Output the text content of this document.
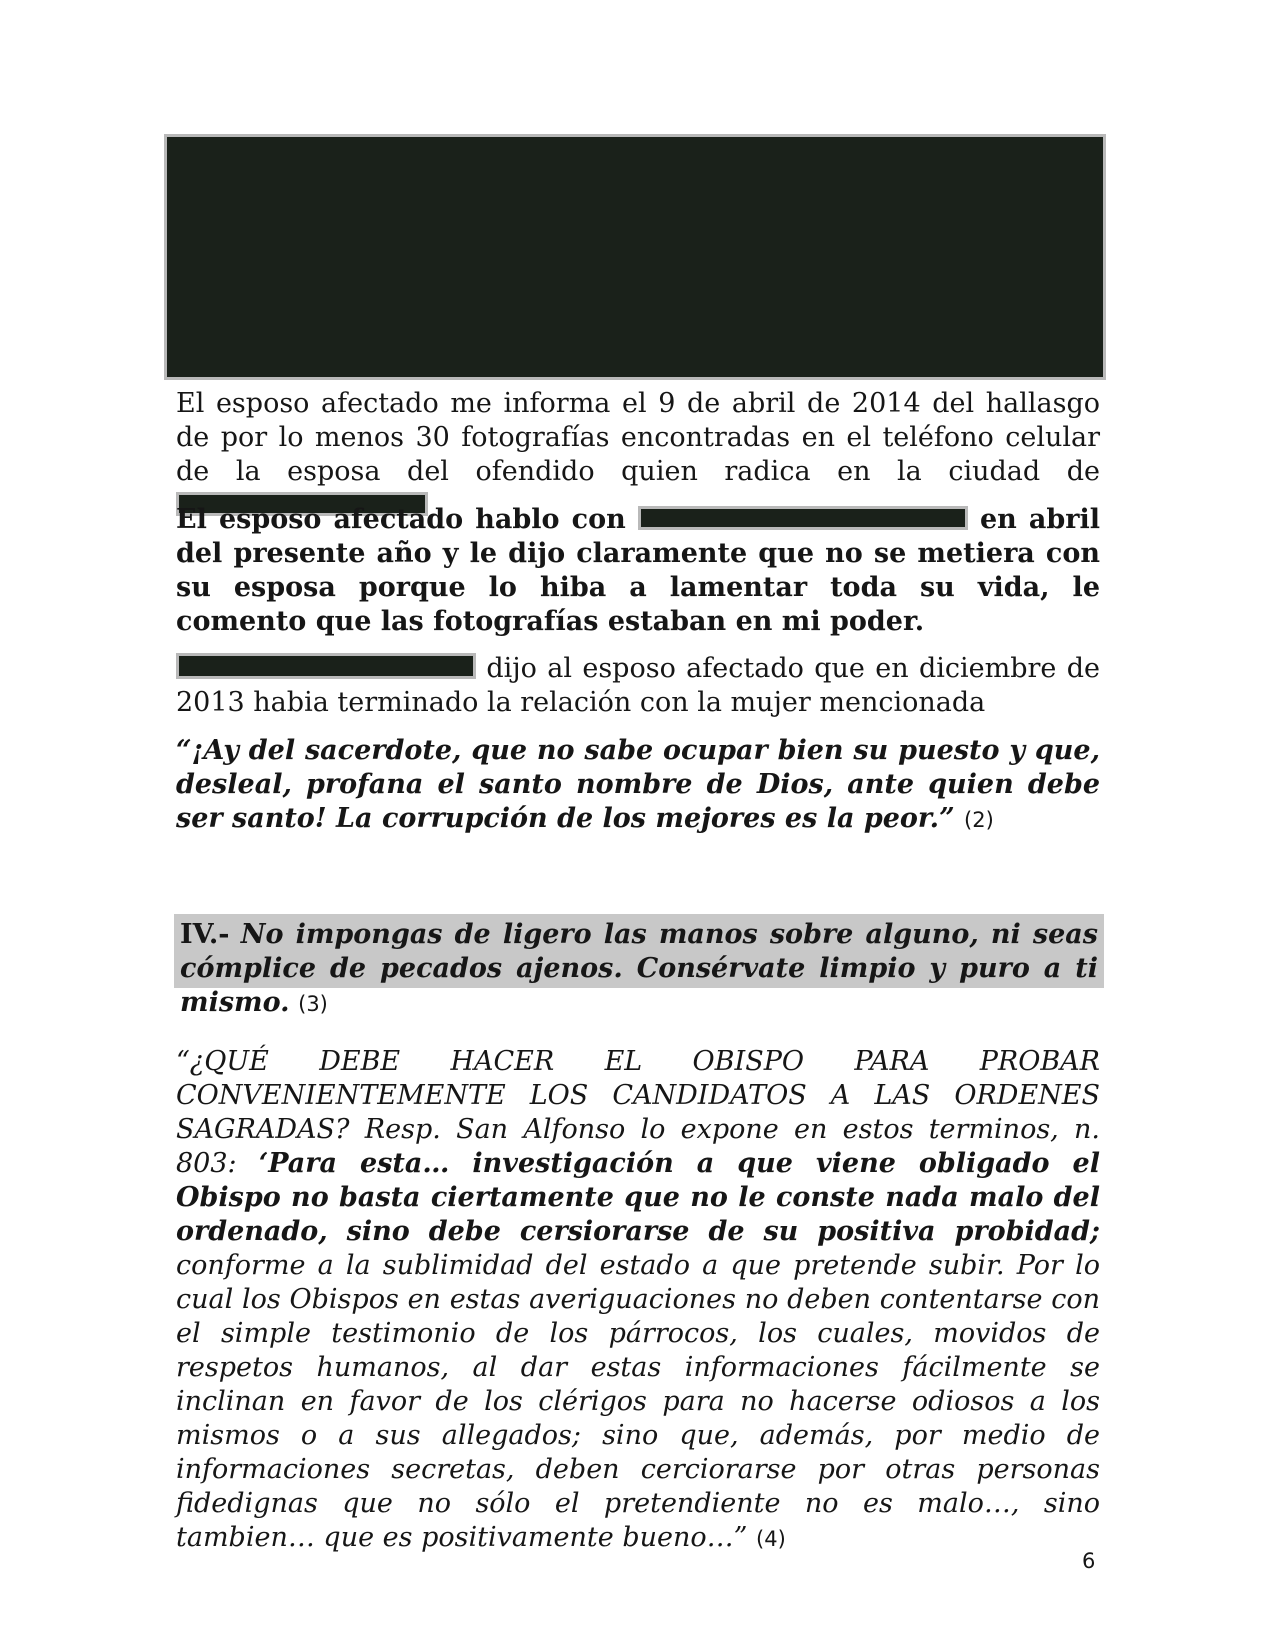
El esposo afectado me informa el 9 de abril de 2014 del hallasgo de por lo menos 30 fotografías encontradas en el teléfono celular de la esposa del ofendido quien radica en la ciudad de

El esposo afectado hablo con	en abril del presente año y le dijo claramente que no se metiera con su esposa porque lo hiba a lamentar toda su vida, le comento que las fotografías estaban en mi poder.

dijo al esposo afectado que en diciembre de 2013 habia terminado la relación con la mujer mencionada

“¡Ay del sacerdote, que no sabe ocupar bien su puesto y que, desleal, profana el santo nombre de Dios, ante quien debe ser santo! La corrupción de los mejores es la peor.” (2)

IV.- No impongas de ligero las manos sobre alguno, ni seas cómplice de pecados ajenos. Consérvate limpio y puro a ti mismo. (3)

“¿QUÉ DEBE HACER EL OBISPO PARA PROBAR CONVENIENTEMENTE LOS CANDIDATOS A LAS ORDENES SAGRADAS? Resp. San Alfonso lo expone en estos terminos, n. 803: ‘Para esta… investigación a que viene obligado el Obispo no basta ciertamente que no le conste nada malo del ordenado, sino debe cersiorarse de su positiva probidad; conforme a la sublimidad del estado a que pretende subir. Por lo cual los Obispos en estas averiguaciones no deben contentarse con el simple testimonio de los párrocos, los cuales, movidos de respetos humanos, al dar estas informaciones fácilmente se inclinan en favor de los clérigos para no hacerse odiosos a los mismos o a sus allegados; sino que, además, por medio de informaciones secretas, deben cerciorarse por otras personas fidedignas que no sólo el pretendiente no es malo…, sino tambien… que es positivamente bueno…” (4)

6
